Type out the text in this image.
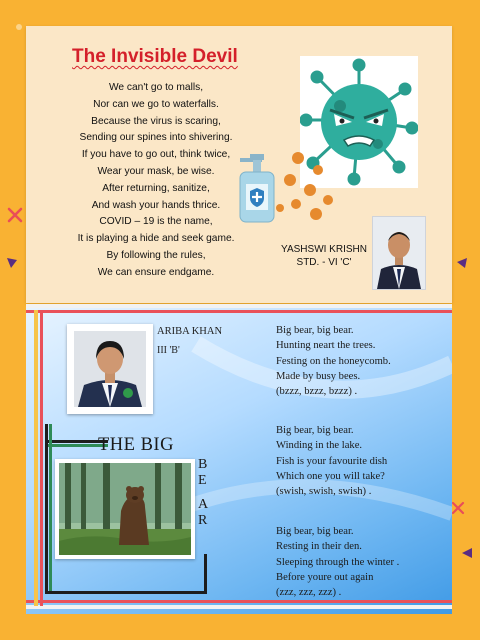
The Invisible Devil
We can't go to malls,
Nor can we go to waterfalls.
Because the virus is scaring,
Sending our spines into shivering.
If you have to go out, think twice,
Wear your mask, be wise.
After returning, sanitize,
And wash your hands thrice.
COVID – 19 is the name,
It is playing a hide and seek game.
By following the rules,
We can ensure endgame.
YASHSWI KRISHN
STD. - VI 'C'
ARIBA KHAN
III 'B'
Big bear, big bear.
Hunting neart the trees.
Festing on the honeycomb.
Made by busy bees.
(bzzz, bzzz, bzzz) .
Big bear, big bear.
Winding in the lake.
Fish is your favourite dish
Which one you will take?
(swish, swish, swish) .
Big bear, big bear.
Resting in their den.
Sleeping through the winter .
Before youre out again
(zzz, zzz, zzz) .
THE BIG
B
E
A
R
